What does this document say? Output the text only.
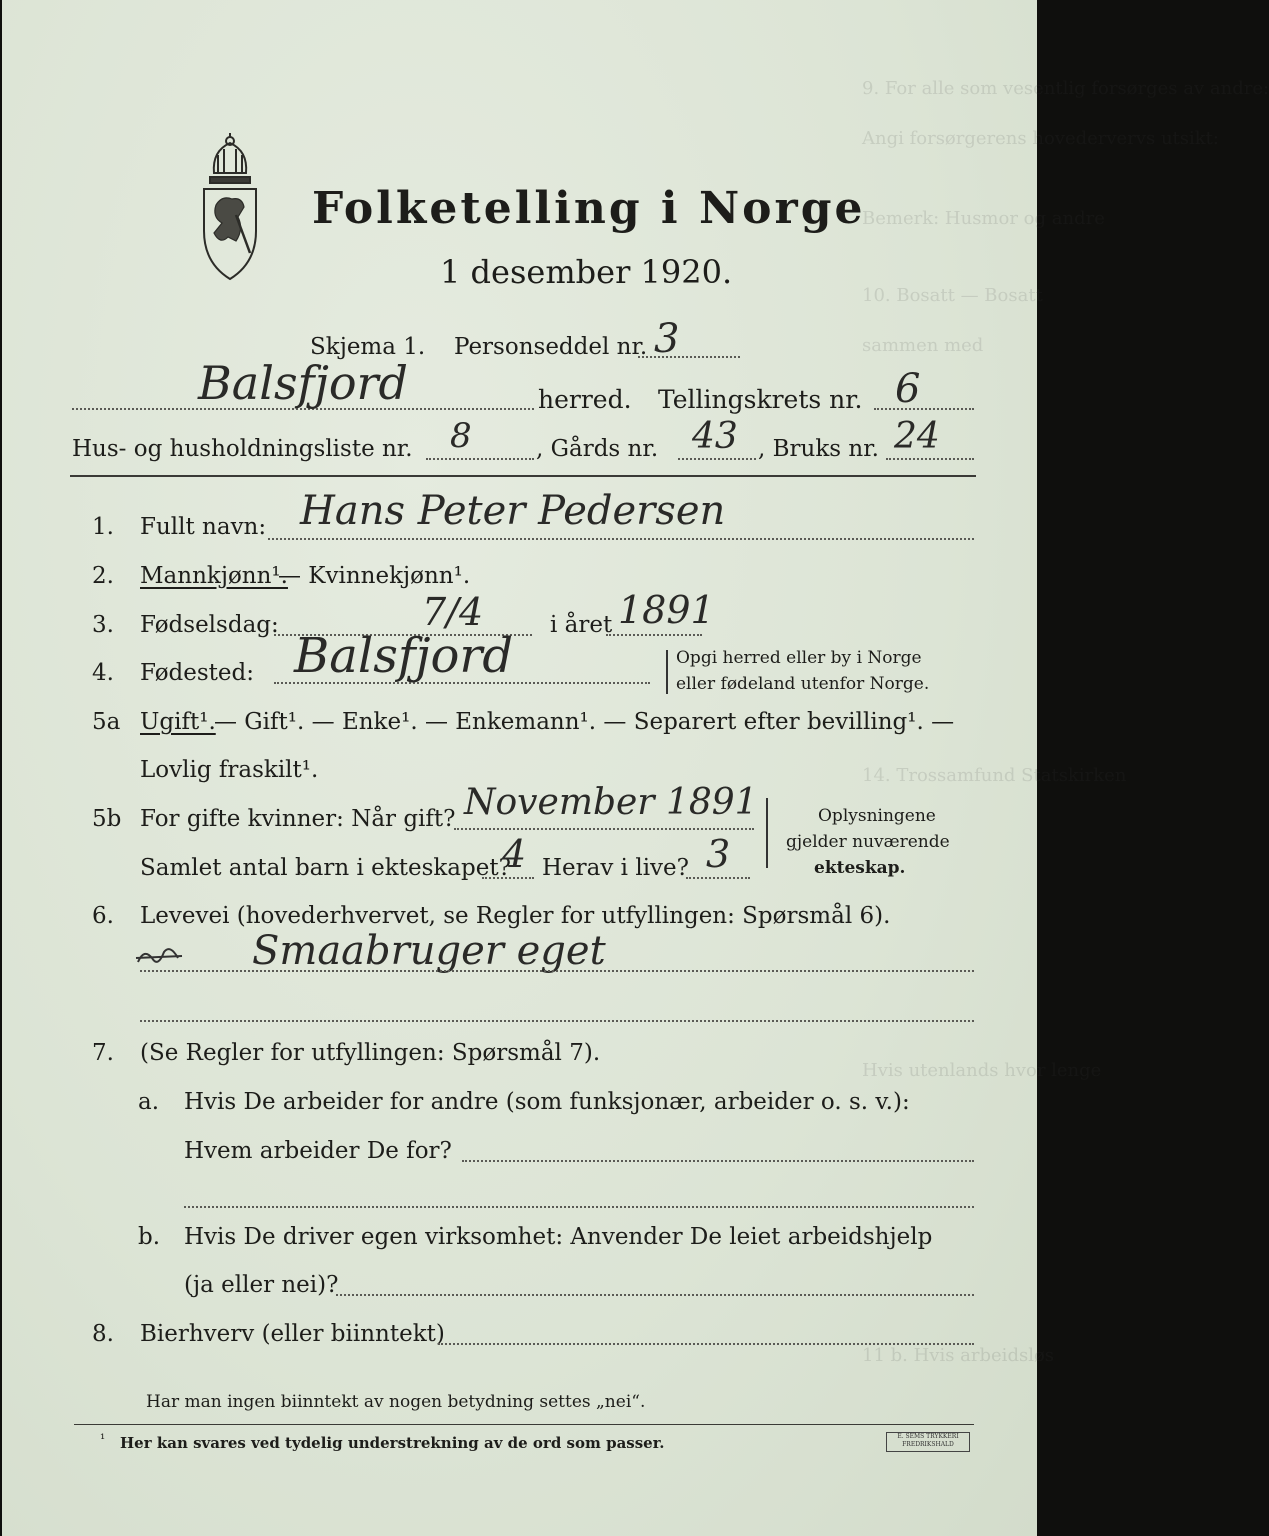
9. For alle som vesentlig forsørges av andre:
Angi forsørgerens hovedervervs utsikt:
Bemerk: Husmor og andre
10. Bosatt — Bosatt
sammen med
14. Trossamfund Statskirken
Hvis utenlands hvor lenge
11 b. Hvis arbeidsløs
Folketelling i Norge
1 desember 1920.
Skjema 1. Personseddel nr. 3
Balsfjord	herred. Tellingskrets nr. 6
Hus- og husholdningsliste nr. 8	, Gårds nr. 43 , Bruks nr. 24
1. Fullt navn: Hans Peter Pedersen
2. Mannkjønn¹.
— Kvinnekjønn¹.
3. Fødselsdag:	7/4	i året 1891
4. Fødested: Balsfjord	Opgi herred eller by i Norge
eller fødeland utenfor Norge.
5a Ugift¹.
— Gift¹. — Enke¹. — Enkemann¹. — Separert efter bevilling¹. —
Lovlig fraskilt¹.
5b For gifte kvinner: Når gift? November 1891
Samlet antal barn i ekteskapet?
4 Herav i live? 3
Oplysningene
gjelder nuværende
ekteskap.
6. Levevei (hovederhvervet, se Regler for utfyllingen: Spørsmål 6).
Smaabruger eget
7. (Se Regler for utfyllingen: Spørsmål 7).
a. Hvis De arbeider for andre (som funksjonær, arbeider o. s. v.):
Hvem arbeider De for?
b. Hvis De driver egen virksomhet: Anvender De leiet arbeidshjelp
(ja eller nei)?
8. Bierhverv (eller biinntekt)
Har man ingen biinntekt av nogen betydning settes „nei“.
¹ Her kan svares ved tydelig understrekning av de ord som passer.	E. SEMS TRYKKERI
FREDRIKSHALD
